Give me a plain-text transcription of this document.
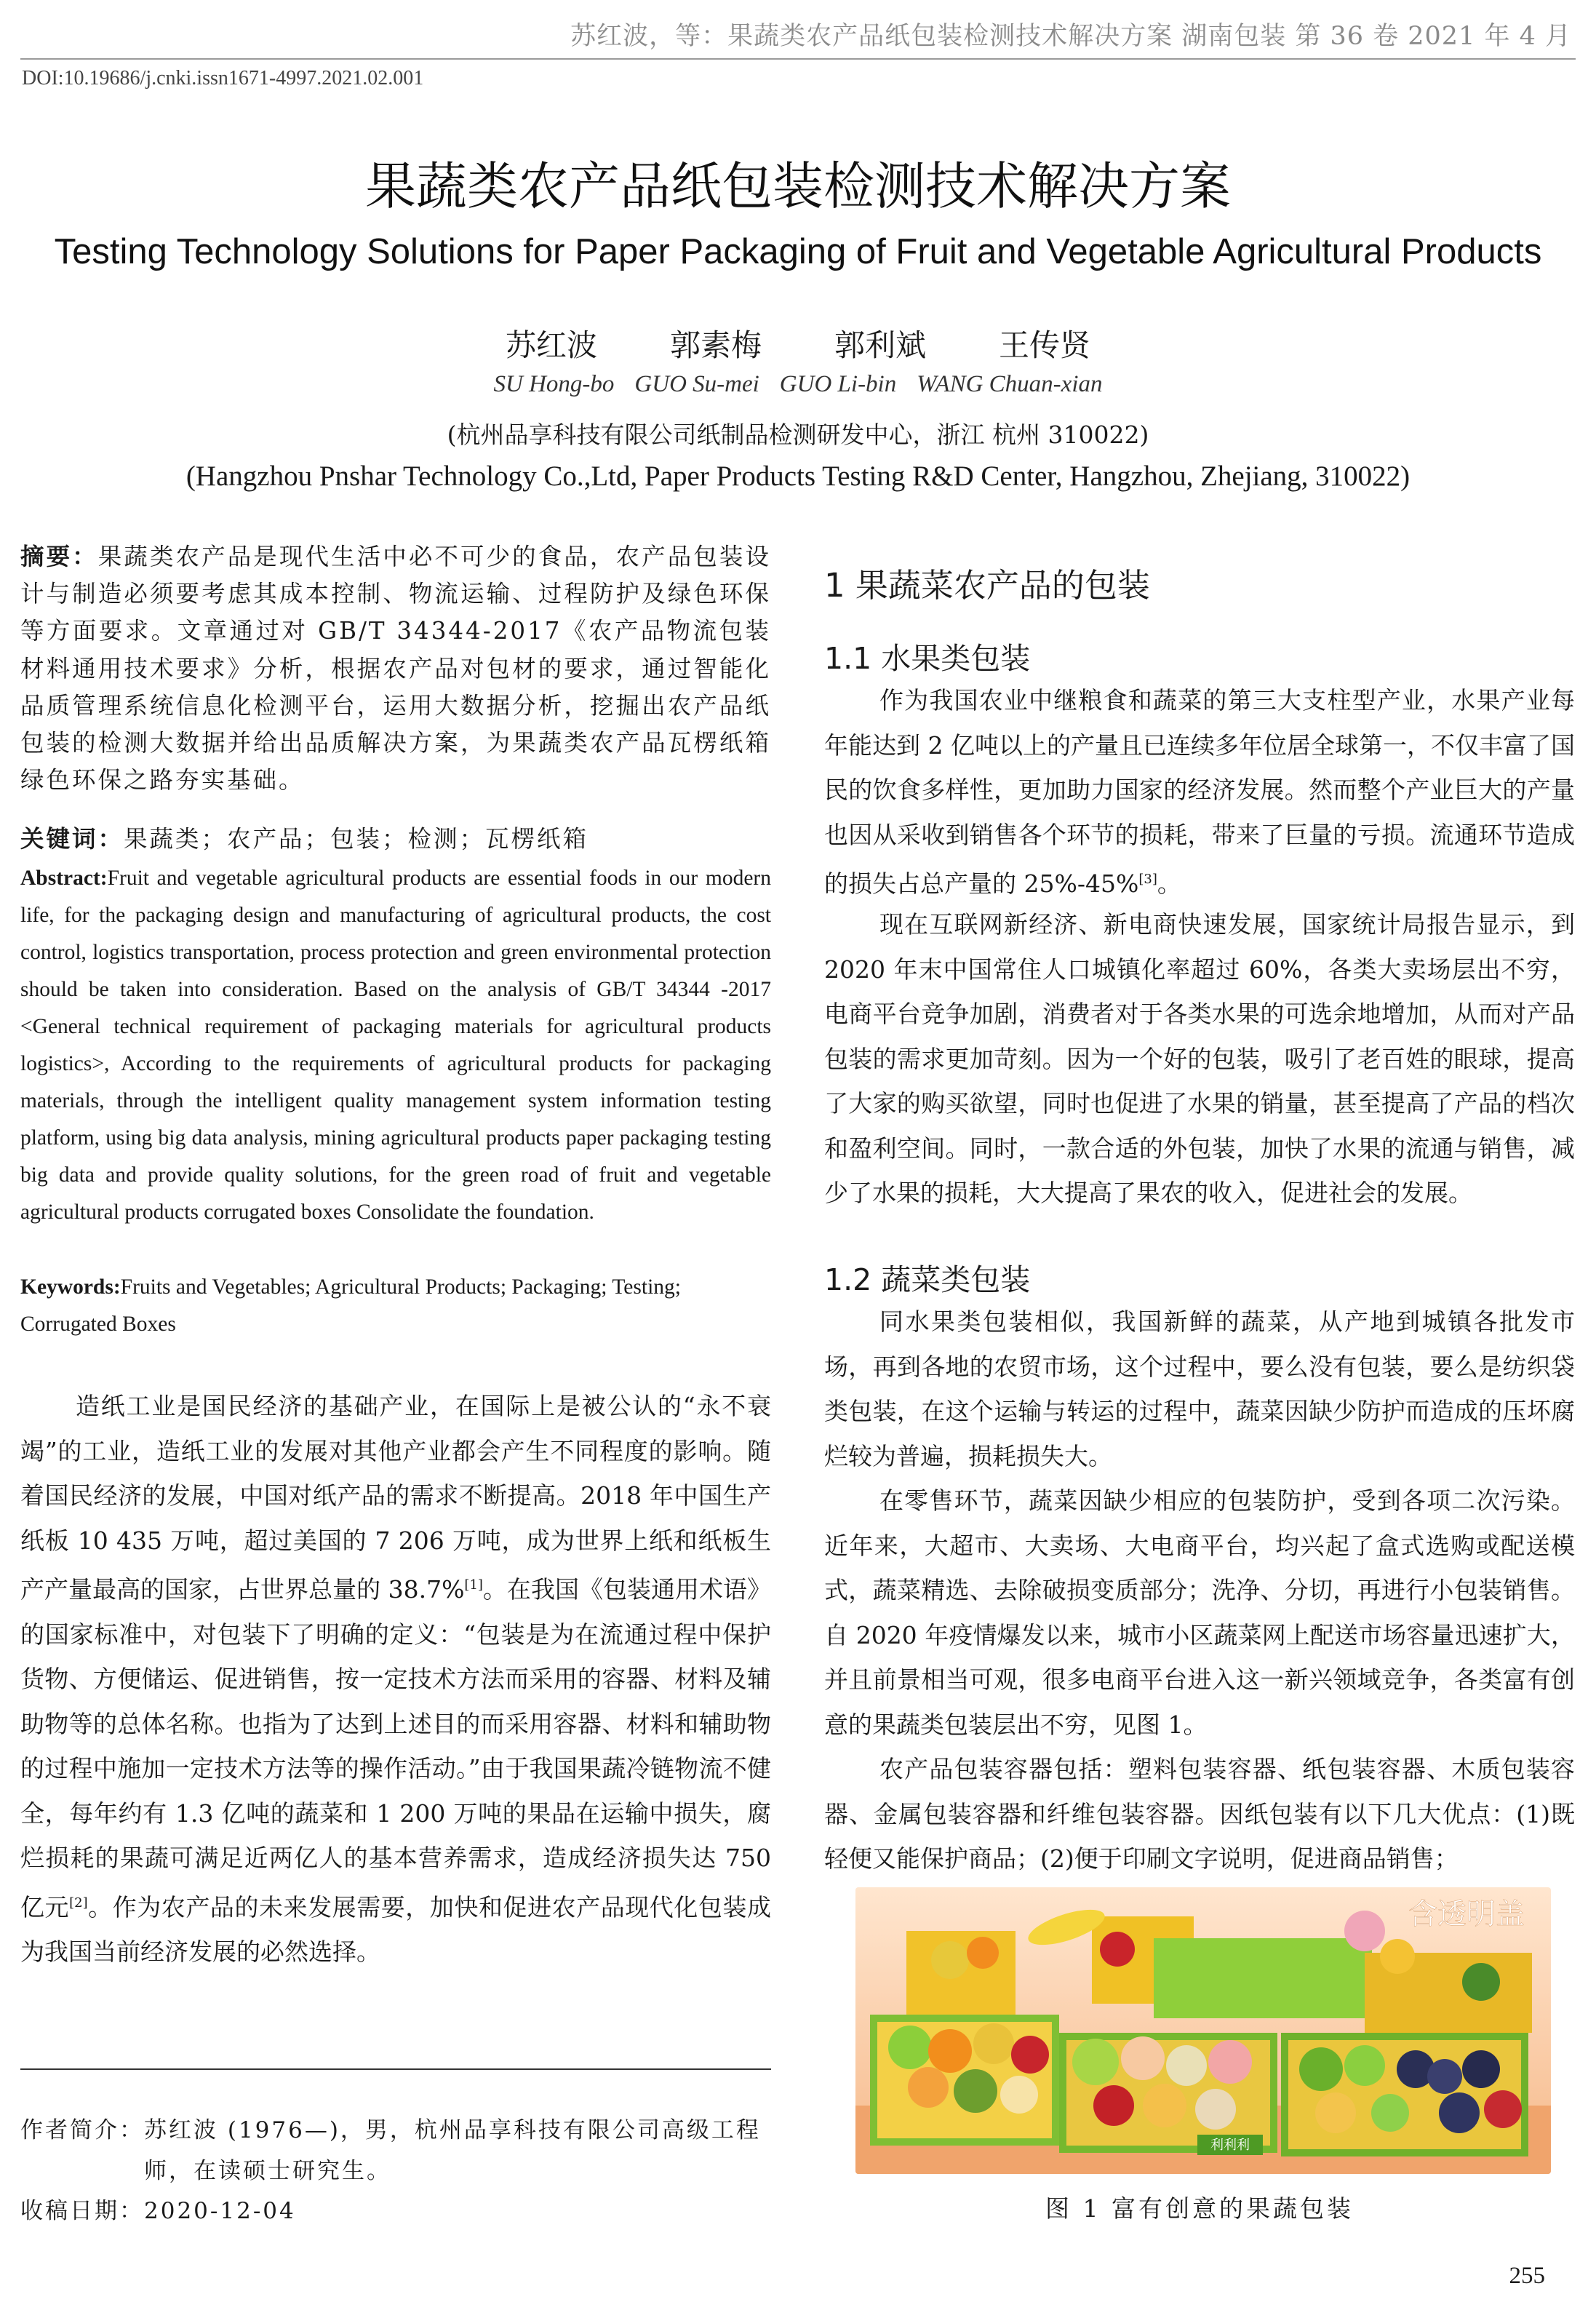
苏红波，等：果蔬类农产品纸包装检测技术解决方案 湖南包装 第 36 卷 2021 年 4 月
DOI:10.19686/j.cnki.issn1671-4997.2021.02.001
果蔬类农产品纸包装检测技术解决方案
Testing Technology Solutions for Paper Packaging of Fruit and Vegetable Agricultural Products
苏红波 郭素梅 郭利斌 王传贤
SU Hong-bo GUO Su-mei GUO Li-bin WANG Chuan-xian
(杭州品享科技有限公司纸制品检测研发中心，浙江 杭州 310022)
(Hangzhou Pnshar Technology Co.,Ltd, Paper Products Testing R&D Center, Hangzhou, Zhejiang, 310022)
摘要：果蔬类农产品是现代生活中必不可少的食品，农产品包装设计与制造必须要考虑其成本控制、物流运输、过程防护及绿色环保等方面要求。文章通过对 GB/T 34344-2017《农产品物流包装材料通用技术要求》分析，根据农产品对包材的要求，通过智能化品质管理系统信息化检测平台，运用大数据分析，挖掘出农产品纸包装的检测大数据并给出品质解决方案，为果蔬类农产品瓦楞纸箱绿色环保之路夯实基础。
关键词：果蔬类；农产品；包装；检测；瓦楞纸箱
Abstract:Fruit and vegetable agricultural products are essential foods in our modern life, for the packaging design and manufacturing of agricultural products, the cost control, logistics transportation, process protection and green environmental protection should be taken into consideration. Based on the analysis of GB/T 34344 -2017 <General technical requirement of packaging materials for agricultural products logistics>, According to the requirements of agricultural products for packaging materials, through the intelligent quality management system information testing platform, using big data analysis, mining agricultural products paper packaging testing big data and provide quality solutions, for the green road of fruit and vegetable agricultural products corrugated boxes Consolidate the foundation.
Keywords:Fruits and Vegetables; Agricultural Products; Packaging; Testing; Corrugated Boxes
造纸工业是国民经济的基础产业，在国际上是被公认的“永不衰竭”的工业，造纸工业的发展对其他产业都会产生不同程度的影响。随着国民经济的发展，中国对纸产品的需求不断提高。2018 年中国生产纸板 10 435 万吨，超过美国的 7 206 万吨，成为世界上纸和纸板生产产量最高的国家，占世界总量的 38.7%[1]。在我国《包装通用术语》的国家标准中，对包装下了明确的定义：“包装是为在流通过程中保护货物、方便储运、促进销售，按一定技术方法而采用的容器、材料及辅助物等的总体名称。也指为了达到上述目的而采用容器、材料和辅助物的过程中施加一定技术方法等的操作活动。”由于我国果蔬冷链物流不健全，每年约有 1.3 亿吨的蔬菜和 1 200 万吨的果品在运输中损失，腐烂损耗的果蔬可满足近两亿人的基本营养需求，造成经济损失达 750 亿元[2]。作为农产品的未来发展需要，加快和促进农产品现代化包装成为我国当前经济发展的必然选择。
作者简介： 苏红波 (1976—)，男，杭州品享科技有限公司高级工程师，在读硕士研究生。
收稿日期：2020-12-04
1 果蔬菜农产品的包装
1.1 水果类包装
作为我国农业中继粮食和蔬菜的第三大支柱型产业，水果产业每年能达到 2 亿吨以上的产量且已连续多年位居全球第一，不仅丰富了国民的饮食多样性，更加助力国家的经济发展。然而整个产业巨大的产量也因从采收到销售各个环节的损耗，带来了巨量的亏损。流通环节造成的损失占总产量的 25%-45%[3]。
现在互联网新经济、新电商快速发展，国家统计局报告显示，到 2020 年末中国常住人口城镇化率超过 60%，各类大卖场层出不穷，电商平台竞争加剧，消费者对于各类水果的可选余地增加，从而对产品包装的需求更加苛刻。因为一个好的包装，吸引了老百姓的眼球，提高了大家的购买欲望，同时也促进了水果的销量，甚至提高了产品的档次和盈利空间。同时，一款合适的外包装，加快了水果的流通与销售，减少了水果的损耗，大大提高了果农的收入，促进社会的发展。
1.2 蔬菜类包装
同水果类包装相似，我国新鲜的蔬菜，从产地到城镇各批发市场，再到各地的农贸市场，这个过程中，要么没有包装，要么是纺织袋类包装，在这个运输与转运的过程中，蔬菜因缺少防护而造成的压坏腐烂较为普遍，损耗损失大。
在零售环节，蔬菜因缺少相应的包装防护，受到各项二次污染。近年来，大超市、大卖场、大电商平台，均兴起了盒式选购或配送模式，蔬菜精选、去除破损变质部分；洗净、分切，再进行小包装销售。自 2020 年疫情爆发以来，城市小区蔬菜网上配送市场容量迅速扩大，并且前景相当可观，很多电商平台进入这一新兴领域竞争，各类富有创意的果蔬类包装层出不穷，见图 1。
农产品包装容器包括：塑料包装容器、纸包装容器、木质包装容器、金属包装容器和纤维包装容器。因纸包装有以下几大优点：(1)既轻便又能保护商品；(2)便于印刷文字说明，促进商品销售；
利利利
含透明盖
图 1 富有创意的果蔬包装
255
